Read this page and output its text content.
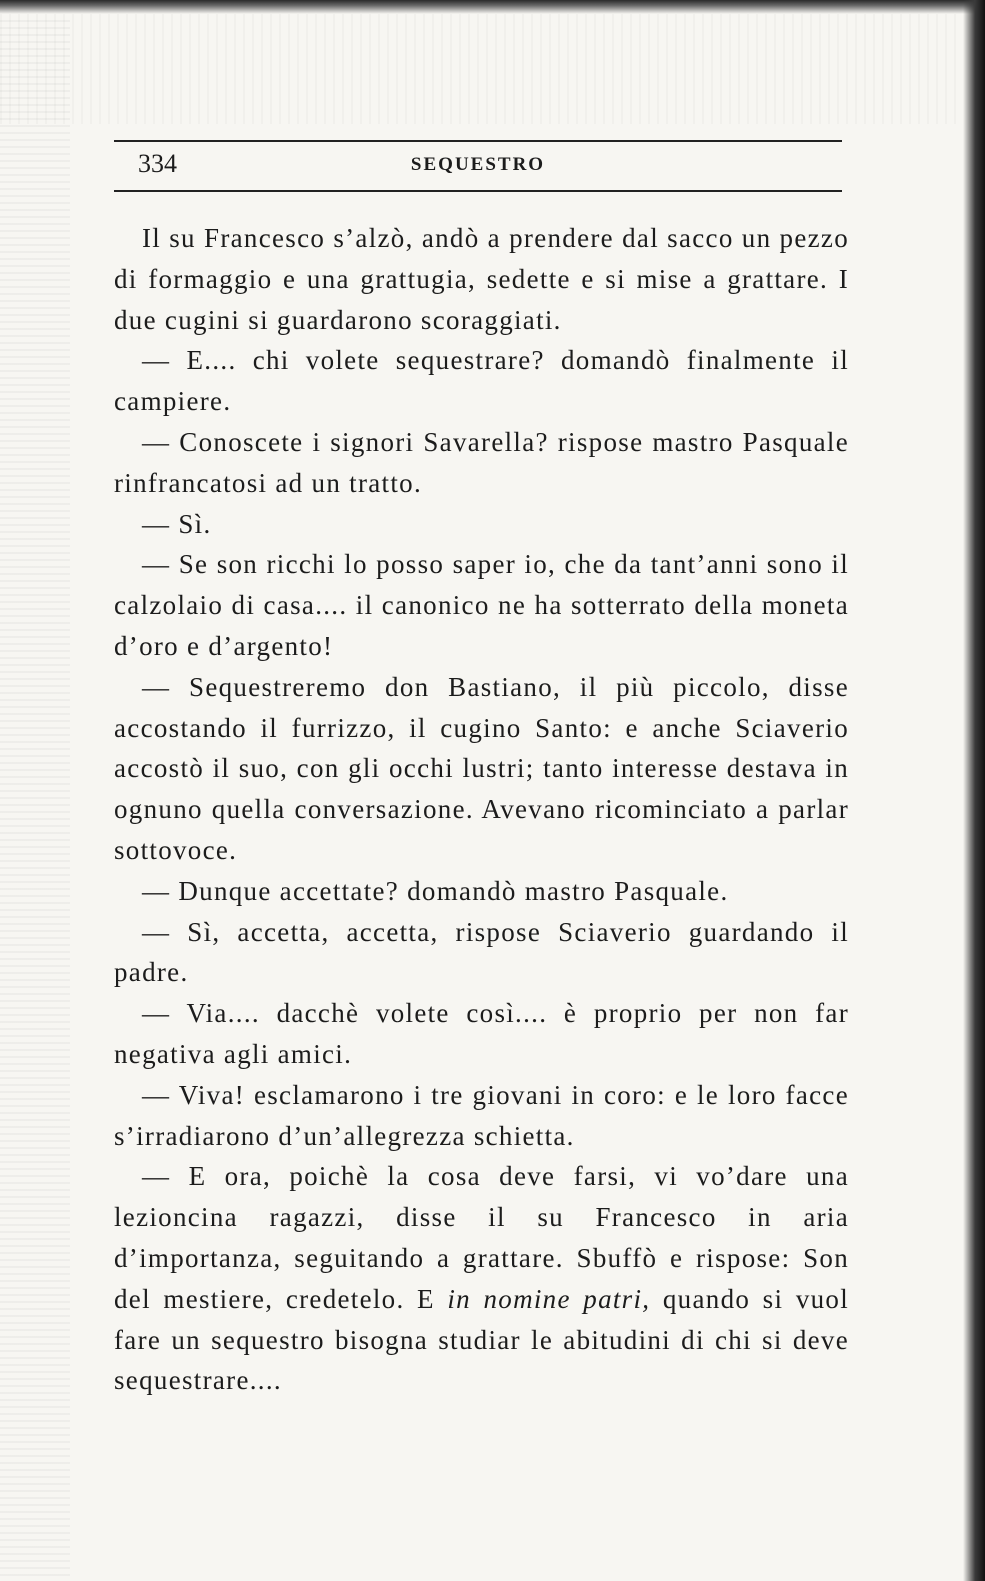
334	SEQUESTRO

Il su Francesco s’alzò, andò a prendere dal sacco un pezzo di formaggio e una grattugia, sedette e si mise a grattare. I due cugini si guardarono scoraggiati.

— E.... chi volete sequestrare? domandò finalmente il campiere.

— Conoscete i signori Savarella? rispose mastro Pasquale rinfrancatosi ad un tratto.

— Sì.

— Se son ricchi lo posso saper io, che da tant’anni sono il calzolaio di casa.... il canonico ne ha sotterrato della moneta d’oro e d’argento!

— Sequestreremo don Bastiano, il più piccolo, disse accostando il furrizzo, il cugino Santo: e anche Sciaverio accostò il suo, con gli occhi lustri; tanto interesse destava in ognuno quella conversazione. Avevano ricominciato a parlar sottovoce.

— Dunque accettate? domandò mastro Pasquale.

— Sì, accetta, accetta, rispose Sciaverio guardando il padre.

— Via.... dacchè volete così.... è proprio per non far negativa agli amici.

— Viva! esclamarono i tre giovani in coro: e le loro facce s’irradiarono d’un’allegrezza schietta.

— E ora, poichè la cosa deve farsi, vi vo’dare una lezioncina ragazzi, disse il su Francesco in aria d’importanza, seguitando a grattare. Sbuffò e rispose: Son del mestiere, credetelo. E in nomine patri, quando si vuol fare un sequestro bisogna studiar le abitudini di chi si deve sequestrare....
